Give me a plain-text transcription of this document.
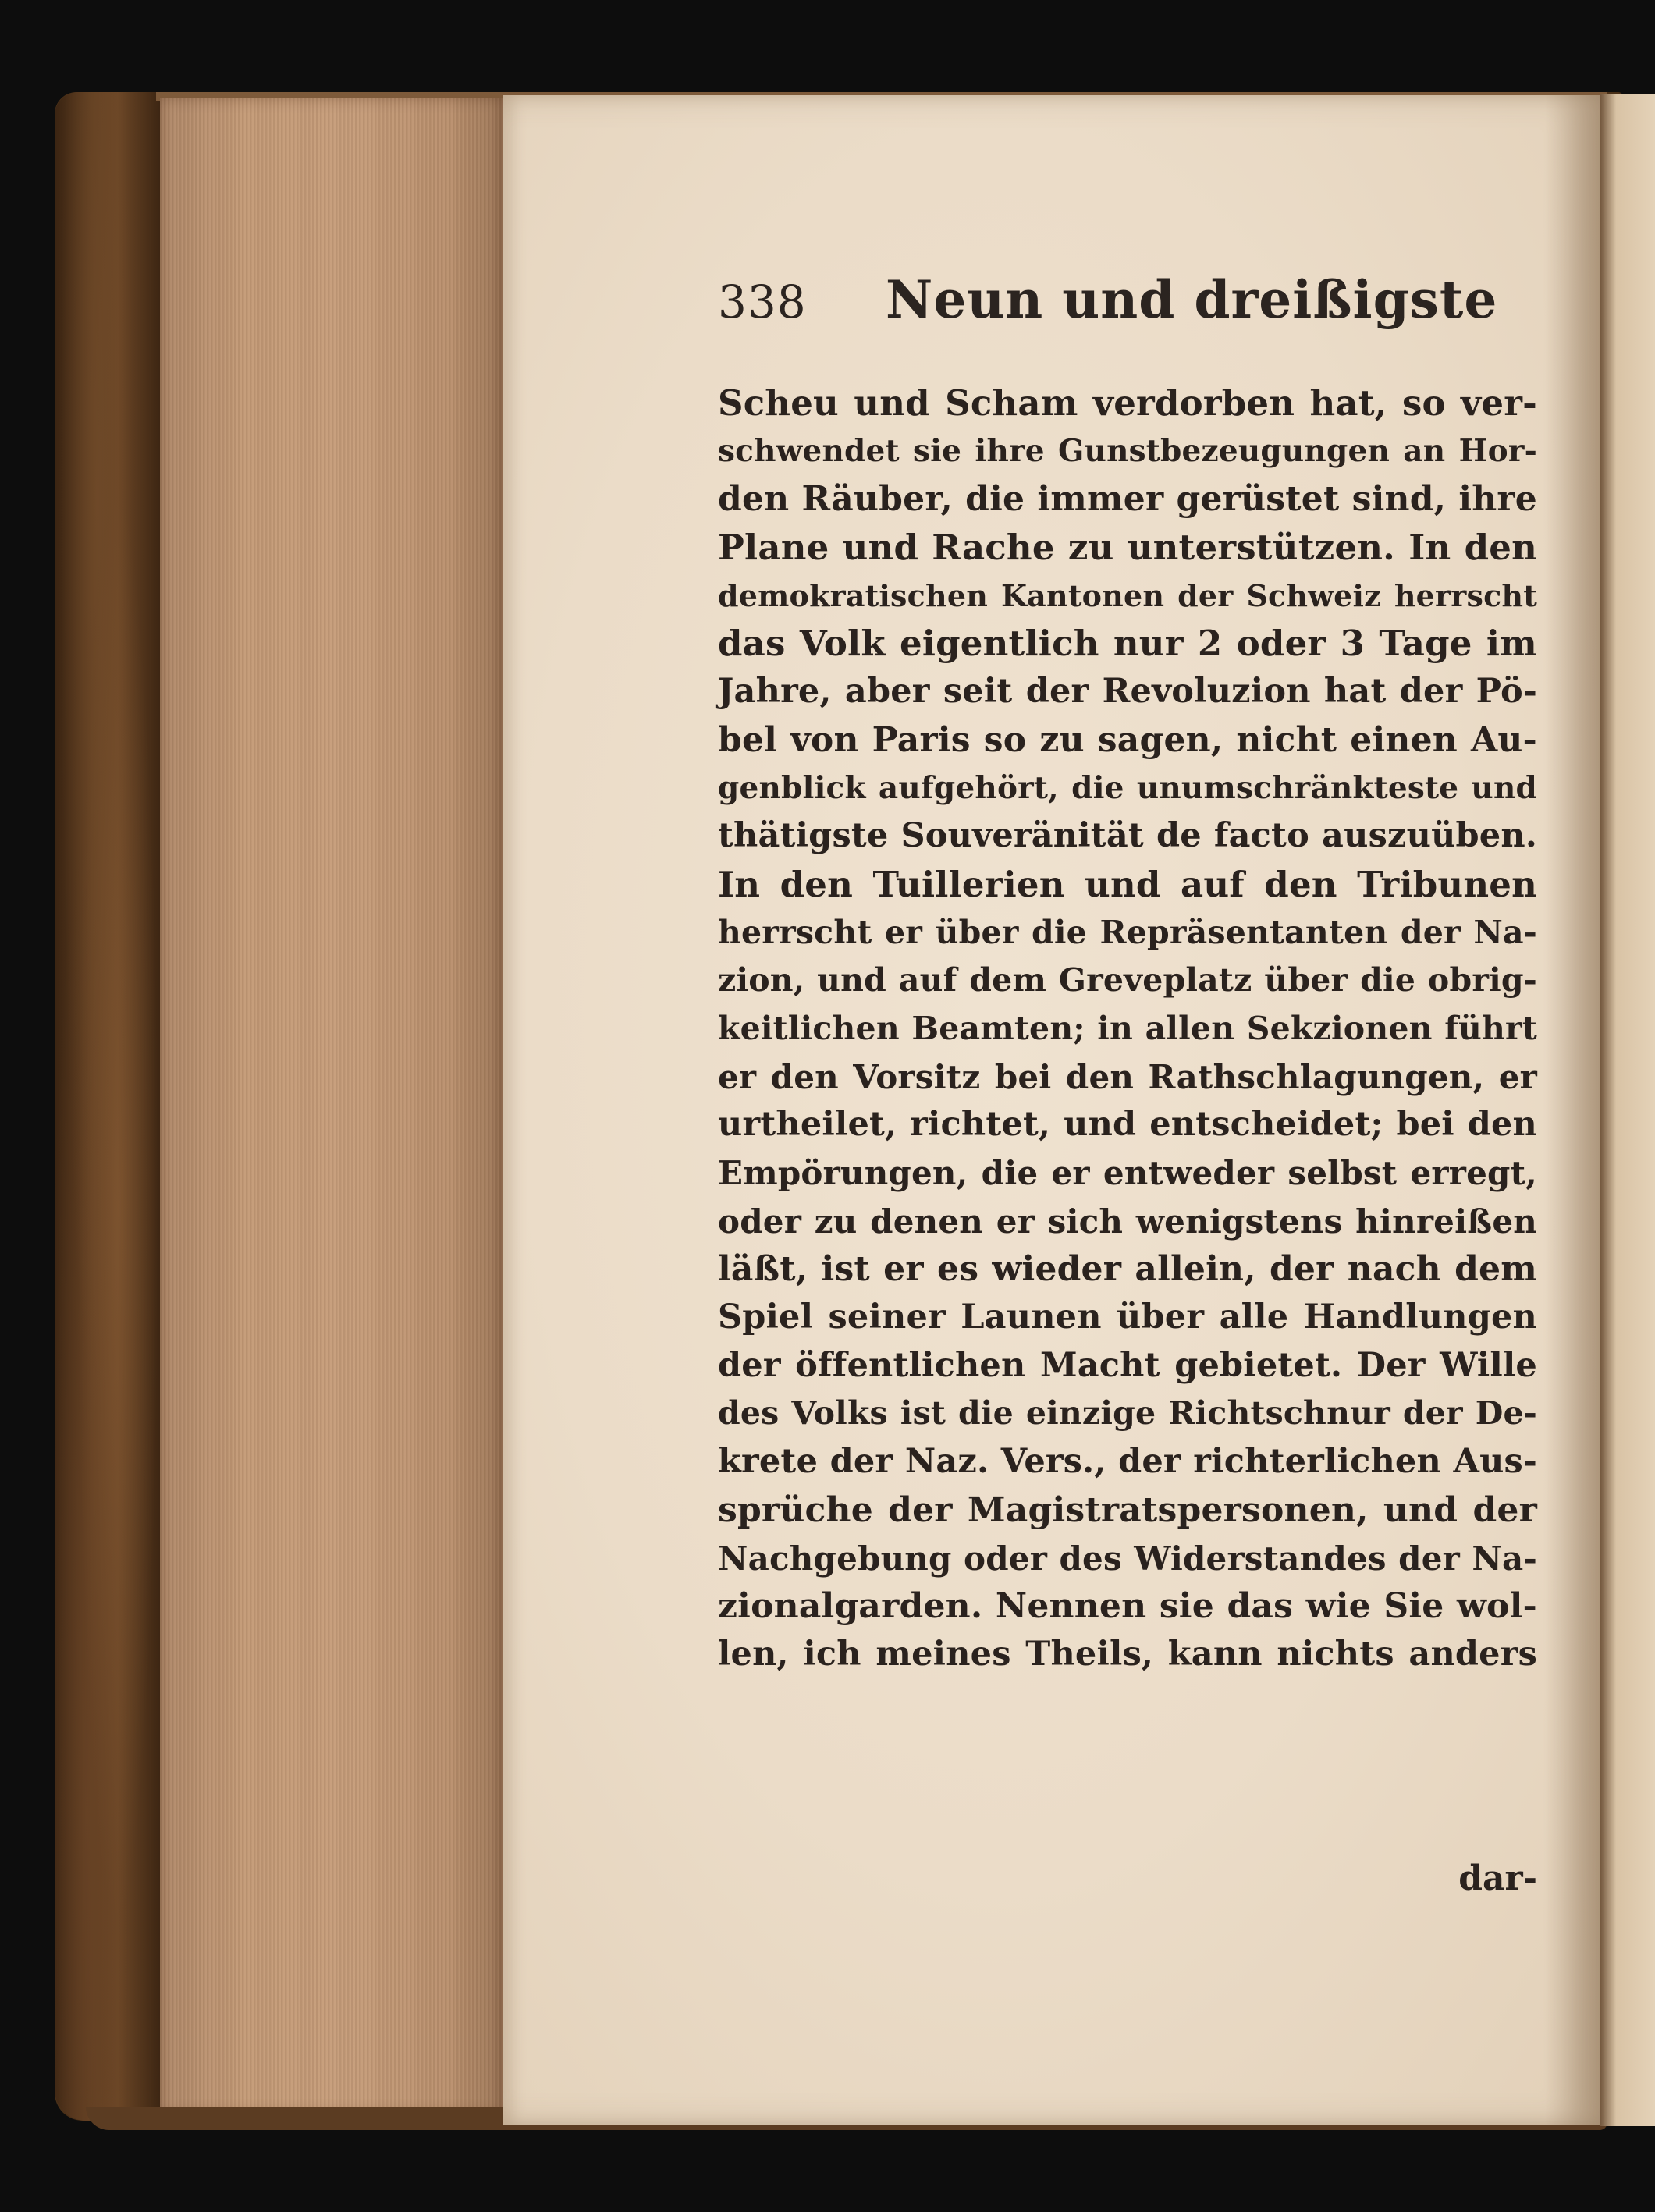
338	Neun und dreißigste
Scheu und Scham verdorben hat, so ver-
schwendet sie ihre Gunstbezeugungen an Hor-
den Räuber, die immer gerüstet sind, ihre
Plane und Rache zu unterstützen. In den
demokratischen Kantonen der Schweiz herrscht
das Volk eigentlich nur 2 oder 3 Tage im
Jahre, aber seit der Revoluzion hat der Pö-
bel von Paris so zu sagen, nicht einen Au-
genblick aufgehört, die unumschränkteste und
thätigste Souveränität de facto auszuüben.
In den Tuillerien und auf den Tribunen
herrscht er über die Repräsentanten der Na-
zion, und auf dem Greveplatz über die obrig-
keitlichen Beamten; in allen Sekzionen führt
er den Vorsitz bei den Rathschlagungen, er
urtheilet, richtet, und entscheidet; bei den
Empörungen, die er entweder selbst erregt,
oder zu denen er sich wenigstens hinreißen
läßt, ist er es wieder allein, der nach dem
Spiel seiner Launen über alle Handlungen
der öffentlichen Macht gebietet. Der Wille
des Volks ist die einzige Richtschnur der De-
krete der Naz. Vers., der richterlichen Aus-
sprüche der Magistratspersonen, und der
Nachgebung oder des Widerstandes der Na-
zionalgarden. Nennen sie das wie Sie wol-
len, ich meines Theils, kann nichts anders
dar-
